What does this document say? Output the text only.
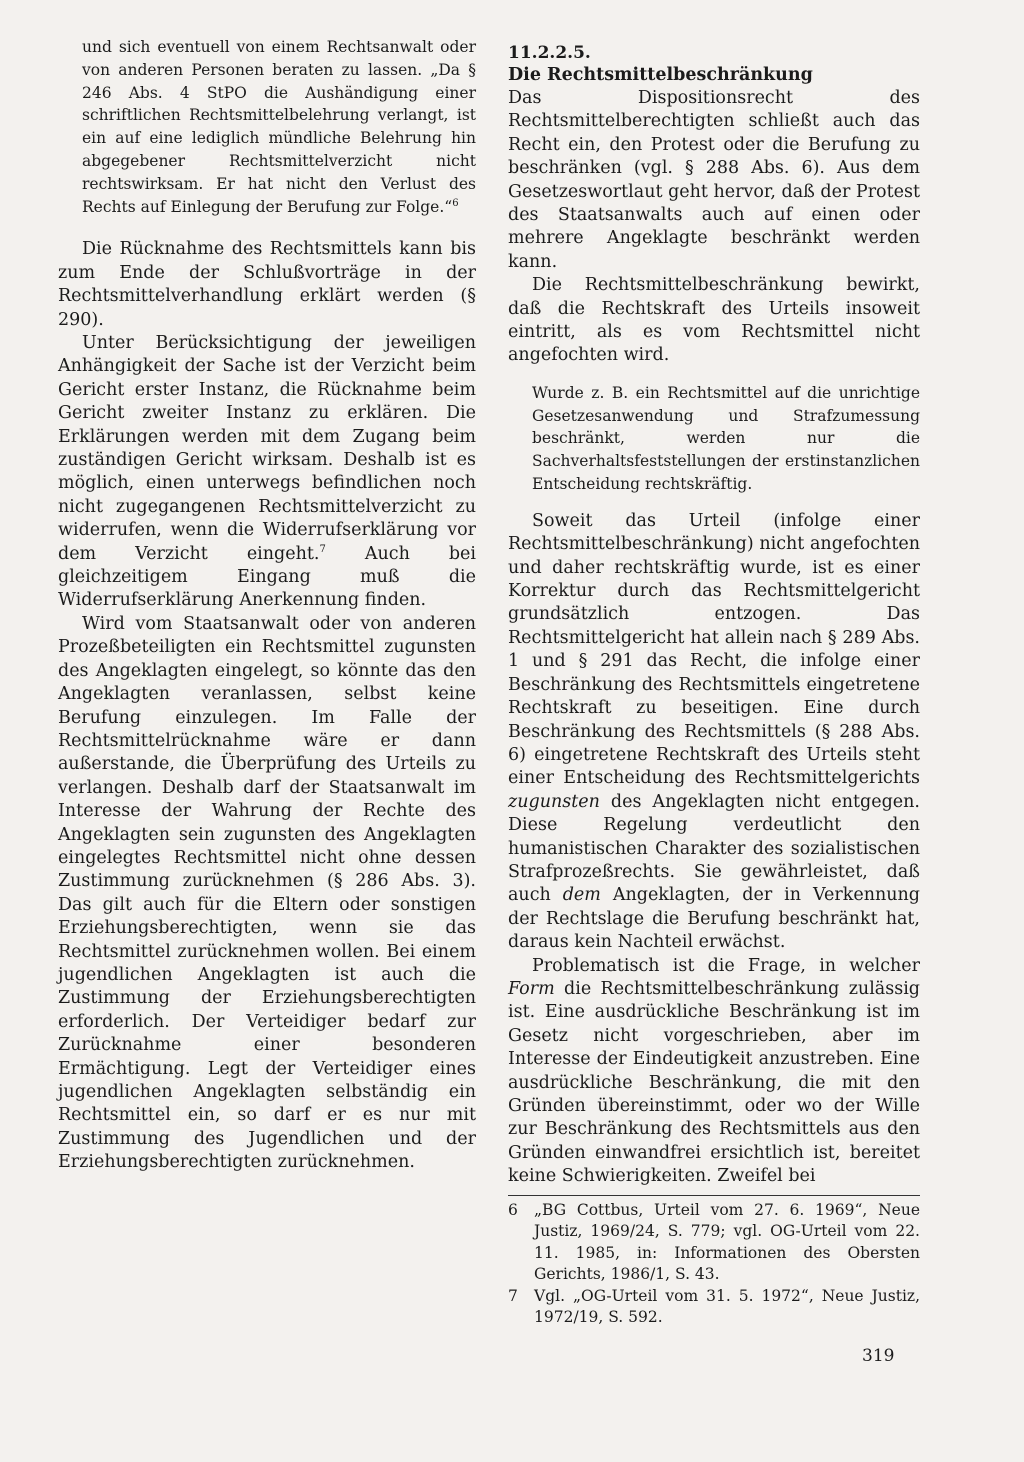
und sich eventuell von einem Rechtsanwalt oder von anderen Personen beraten zu lassen. „Da § 246 Abs. 4 StPO die Aushändigung einer schriftlichen Rechtsmittelbelehrung verlangt, ist ein auf eine lediglich mündliche Belehrung hin abgegebener Rechtsmittelverzicht nicht rechtswirksam. Er hat nicht den Verlust des Rechts auf Einlegung der Berufung zur Folge.“$^6$

Die Rücknahme des Rechtsmittels kann bis zum Ende der Schlußvorträge in der Rechtsmittelverhandlung erklärt werden (§ 290).

Unter Berücksichtigung der jeweiligen Anhängigkeit der Sache ist der Verzicht beim Gericht erster Instanz, die Rücknahme beim Gericht zweiter Instanz zu erklären. Die Erklärungen werden mit dem Zugang beim zuständigen Gericht wirksam. Deshalb ist es möglich, einen unterwegs befindlichen noch nicht zugegangenen Rechtsmittelverzicht zu widerrufen, wenn die Widerrufserklärung vor dem Verzicht eingeht.$^7$ Auch bei gleichzeitigem Eingang muß die Widerrufserklärung Anerkennung finden.

Wird vom Staatsanwalt oder von anderen Prozeßbeteiligten ein Rechtsmittel zugunsten des Angeklagten eingelegt, so könnte das den Angeklagten veranlassen, selbst keine Berufung einzulegen. Im Falle der Rechtsmittelrücknahme wäre er dann außerstande, die Überprüfung des Urteils zu verlangen. Deshalb darf der Staatsanwalt im Interesse der Wahrung der Rechte des Angeklagten sein zugunsten des Angeklagten eingelegtes Rechtsmittel nicht ohne dessen Zustimmung zurücknehmen (§ 286 Abs. 3). Das gilt auch für die Eltern oder sonstigen Erziehungsberechtigten, wenn sie das Rechtsmittel zurücknehmen wollen. Bei einem jugendlichen Angeklagten ist auch die Zustimmung der Erziehungsberechtigten erforderlich. Der Verteidiger bedarf zur Zurücknahme einer besonderen Ermächtigung. Legt der Verteidiger eines jugendlichen Angeklagten selbständig ein Rechtsmittel ein, so darf er es nur mit Zustimmung des Jugendlichen und der Erziehungsberechtigten zurücknehmen.

11.2.2.5.

Die Rechtsmittelbeschränkung

Das Dispositionsrecht des Rechtsmittelberechtigten schließt auch das Recht ein, den Protest oder die Berufung zu beschränken (vgl. § 288 Abs. 6). Aus dem Gesetzeswortlaut geht hervor, daß der Protest des Staatsanwalts auch auf einen oder mehrere Angeklagte beschränkt werden kann.

Die Rechtsmittelbeschränkung bewirkt, daß die Rechtskraft des Urteils insoweit eintritt, als es vom Rechtsmittel nicht angefochten wird.

Wurde z. B. ein Rechtsmittel auf die unrichtige Gesetzesanwendung und Strafzumessung beschränkt, werden nur die Sachverhaltsfeststellungen der erstinstanzlichen Entscheidung rechtskräftig.

Soweit das Urteil (infolge einer Rechtsmittelbeschränkung) nicht angefochten und daher rechtskräftig wurde, ist es einer Korrektur durch das Rechtsmittelgericht grundsätzlich entzogen. Das Rechtsmittelgericht hat allein nach § 289 Abs. 1 und § 291 das Recht, die infolge einer Beschränkung des Rechtsmittels eingetretene Rechtskraft zu beseitigen. Eine durch Beschränkung des Rechtsmittels (§ 288 Abs. 6) eingetretene Rechtskraft des Urteils steht einer Entscheidung des Rechtsmittelgerichts zugunsten des Angeklagten nicht entgegen. Diese Regelung verdeutlicht den humanistischen Charakter des sozialistischen Strafprozeßrechts. Sie gewährleistet, daß auch dem Angeklagten, der in Verkennung der Rechtslage die Berufung beschränkt hat, daraus kein Nachteil erwächst.

Problematisch ist die Frage, in welcher Form die Rechtsmittelbeschränkung zulässig ist. Eine ausdrückliche Beschränkung ist im Gesetz nicht vorgeschrieben, aber im Interesse der Eindeutigkeit anzustreben. Eine ausdrückliche Beschränkung, die mit den Gründen übereinstimmt, oder wo der Wille zur Beschränkung des Rechtsmittels aus den Gründen einwandfrei ersichtlich ist, bereitet keine Schwierigkeiten. Zweifel bei

6	„BG Cottbus, Urteil vom 27. 6. 1969“, Neue Justiz, 1969/24, S. 779; vgl. OG-Urteil vom 22. 11. 1985, in: Informationen des Obersten Gerichts, 1986/1, S. 43.
7	Vgl. „OG-Urteil vom 31. 5. 1972“, Neue Justiz, 1972/19, S. 592.
319
